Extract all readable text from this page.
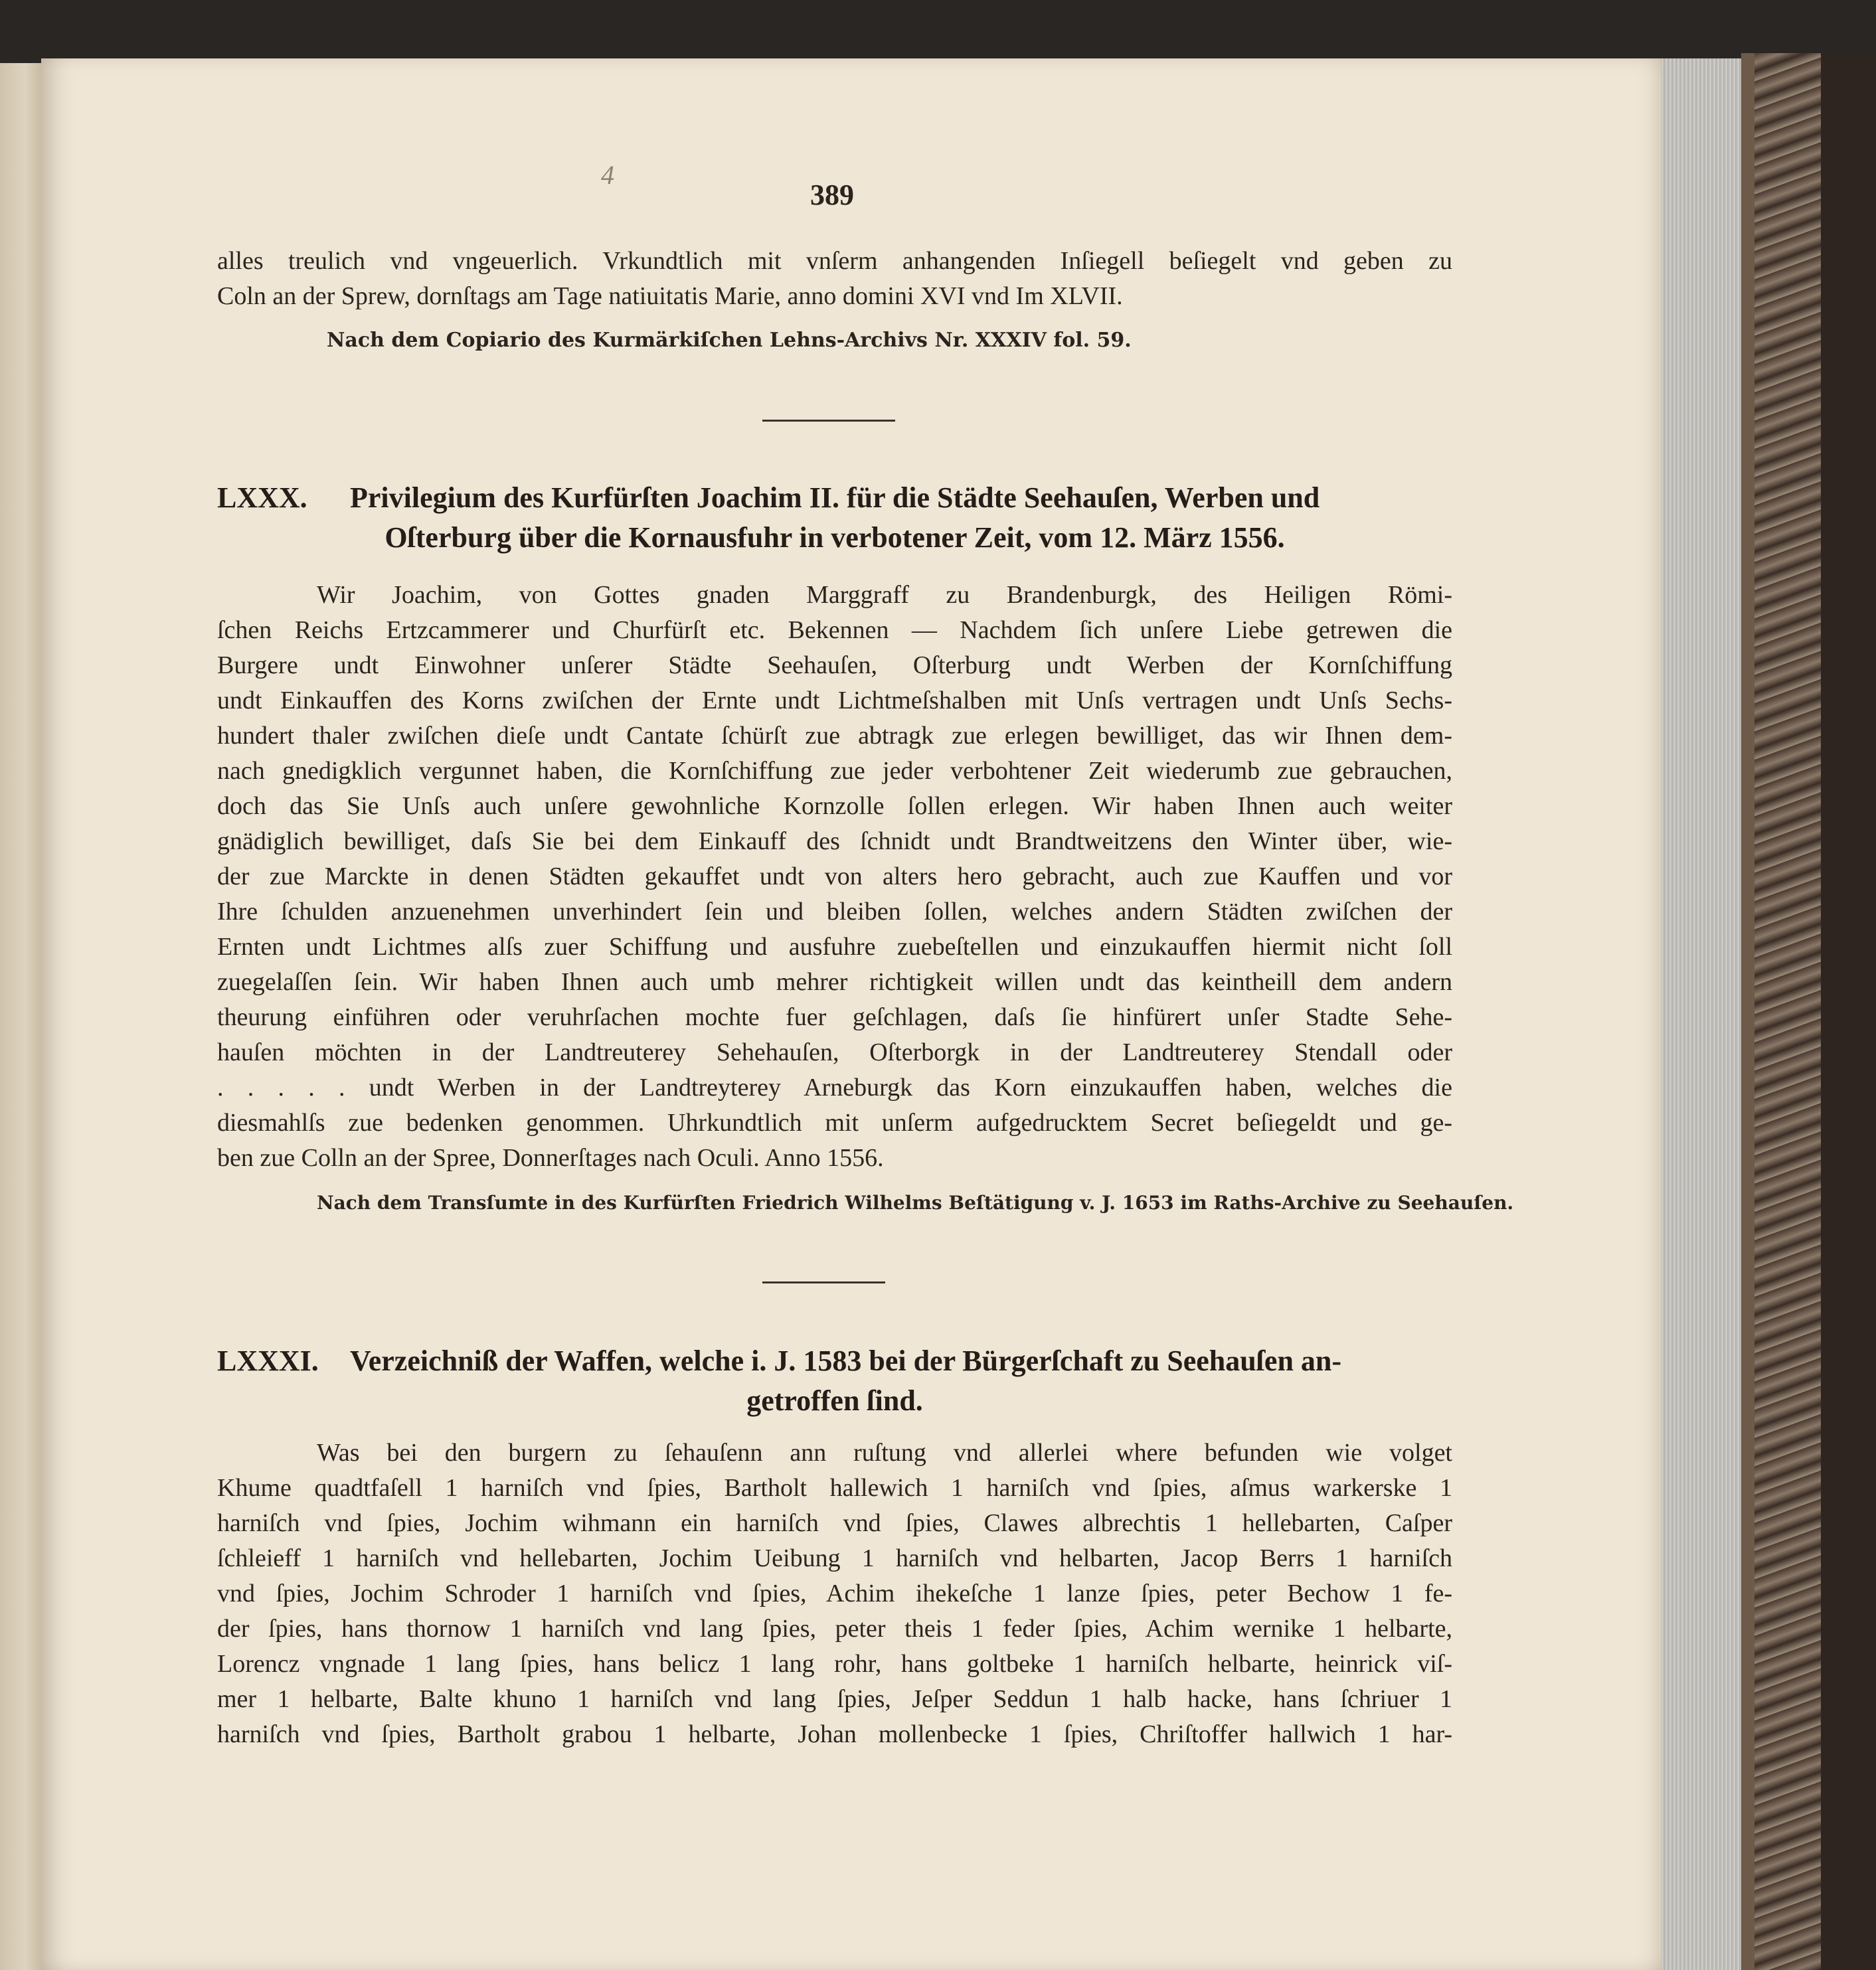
4
389
alles treulich vnd vngeuerlich. Vrkundtlich mit vnſerm anhangenden Inſiegell beſiegelt vnd geben zu
Coln an der Sprew, dornſtags am Tage natiuitatis Marie, anno domini XVI vnd Im XLVII.
Nach dem Copiario des Kurmärkiſchen Lehns-Archivs Nr. XXXIV fol. 59.
LXXX. Privilegium des Kurfürſten Joachim II. für die Städte Seehauſen, Werben und
Oſterburg über die Kornausfuhr in verbotener Zeit, vom 12. März 1556.
Wir Joachim, von Gottes gnaden Marggraff zu Brandenburgk, des Heiligen Römi-
ſchen Reichs Ertzcammerer und Churfürſt etc. Bekennen — Nachdem ſich unſere Liebe getrewen die
Burgere undt Einwohner unſerer Städte Seehauſen, Oſterburg undt Werben der Kornſchiffung
undt Einkauffen des Korns zwiſchen der Ernte undt Lichtmeſshalben mit Unſs vertragen undt Unſs Sechs-
hundert thaler zwiſchen dieſe undt Cantate ſchürſt zue abtragk zue erlegen bewilliget, das wir Ihnen dem-
nach gnedigklich vergunnet haben, die Kornſchiffung zue jeder verbohtener Zeit wiederumb zue gebrauchen,
doch das Sie Unſs auch unſere gewohnliche Kornzolle ſollen erlegen. Wir haben Ihnen auch weiter
gnädiglich bewilliget, daſs Sie bei dem Einkauff des ſchnidt undt Brandtweitzens den Winter über, wie-
der zue Marckte in denen Städten gekauffet undt von alters hero gebracht, auch zue Kauffen und vor
Ihre ſchulden anzuenehmen unverhindert ſein und bleiben ſollen, welches andern Städten zwiſchen der
Ernten undt Lichtmes alſs zuer Schiffung und ausfuhre zuebeſtellen und einzukauffen hiermit nicht ſoll
zuegelaſſen ſein. Wir haben Ihnen auch umb mehrer richtigkeit willen undt das keintheill dem andern
theurung einführen oder veruhrſachen mochte fuer geſchlagen, daſs ſie hinfürert unſer Stadte Sehe-
hauſen möchten in der Landtreuterey Sehehauſen, Oſterborgk in der Landtreuterey Stendall oder
. . . . . undt Werben in der Landtreyterey Arneburgk das Korn einzukauffen haben, welches die
diesmahlſs zue bedenken genommen. Uhrkundtlich mit unſerm aufgedrucktem Secret beſiegeldt und ge-
ben zue Colln an der Spree, Donnerſtages nach Oculi. Anno 1556.
Nach dem Transſumte in des Kurfürſten Friedrich Wilhelms Beſtätigung v. J. 1653 im Raths-Archive zu Seehauſen.
LXXXI. Verzeichniß der Waffen, welche i. J. 1583 bei der Bürgerſchaft zu Seehauſen an-
getroffen ſind.
Was bei den burgern zu ſehauſenn ann ruſtung vnd allerlei where befunden wie volget
Khume quadtfaſell 1 harniſch vnd ſpies, Bartholt hallewich 1 harniſch vnd ſpies, aſmus warkerske 1
harniſch vnd ſpies, Jochim wihmann ein harniſch vnd ſpies, Clawes albrechtis 1 hellebarten, Caſper
ſchleieff 1 harniſch vnd hellebarten, Jochim Ueibung 1 harniſch vnd helbarten, Jacop Berrs 1 harniſch
vnd ſpies, Jochim Schroder 1 harniſch vnd ſpies, Achim ihekeſche 1 lanze ſpies, peter Bechow 1 fe-
der ſpies, hans thornow 1 harniſch vnd lang ſpies, peter theis 1 feder ſpies, Achim wernike 1 helbarte,
Lorencz vngnade 1 lang ſpies, hans belicz 1 lang rohr, hans goltbeke 1 harniſch helbarte, heinrick viſ-
mer 1 helbarte, Balte khuno 1 harniſch vnd lang ſpies, Jeſper Seddun 1 halb hacke, hans ſchriuer 1
harniſch vnd ſpies, Bartholt grabou 1 helbarte, Johan mollenbecke 1 ſpies, Chriſtoffer hallwich 1 har-
